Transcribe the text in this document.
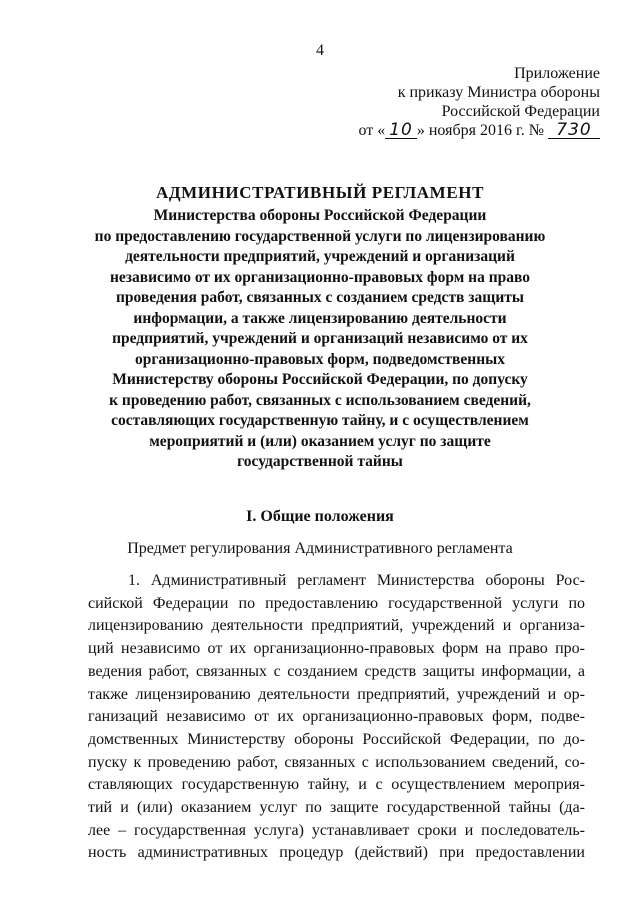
4
Приложение
к приказу Министра обороны
Российской Федерации
от « 10 » ноября 2016 г. № 730
АДМИНИСТРАТИВНЫЙ РЕГЛАМЕНТ
Министерства обороны Российской Федерации
по предоставлению государственной услуги по лицензированию
деятельности предприятий, учреждений и организаций
независимо от их организационно-правовых форм на право
проведения работ, связанных с созданием средств защиты
информации, а также лицензированию деятельности
предприятий, учреждений и организаций независимо от их
организационно-правовых форм, подведомственных
Министерству обороны Российской Федерации, по допуску
к проведению работ, связанных с использованием сведений,
составляющих государственную тайну, и с осуществлением
мероприятий и (или) оказанием услуг по защите
государственной тайны
I. Общие положения
Предмет регулирования Административного регламента
1. Административный регламент Министерства обороны Рос-
сийской Федерации по предоставлению государственной услуги по
лицензированию деятельности предприятий, учреждений и организа-
ций независимо от их организационно-правовых форм на право про-
ведения работ, связанных с созданием средств защиты информации, а
также лицензированию деятельности предприятий, учреждений и ор-
ганизаций независимо от их организационно-правовых форм, подве-
домственных Министерству обороны Российской Федерации, по до-
пуску к проведению работ, связанных с использованием сведений, со-
ставляющих государственную тайну, и с осуществлением мероприя-
тий и (или) оказанием услуг по защите государственной тайны (да-
лее – государственная услуга) устанавливает сроки и последователь-
ность административных процедур (действий) при предоставлении
